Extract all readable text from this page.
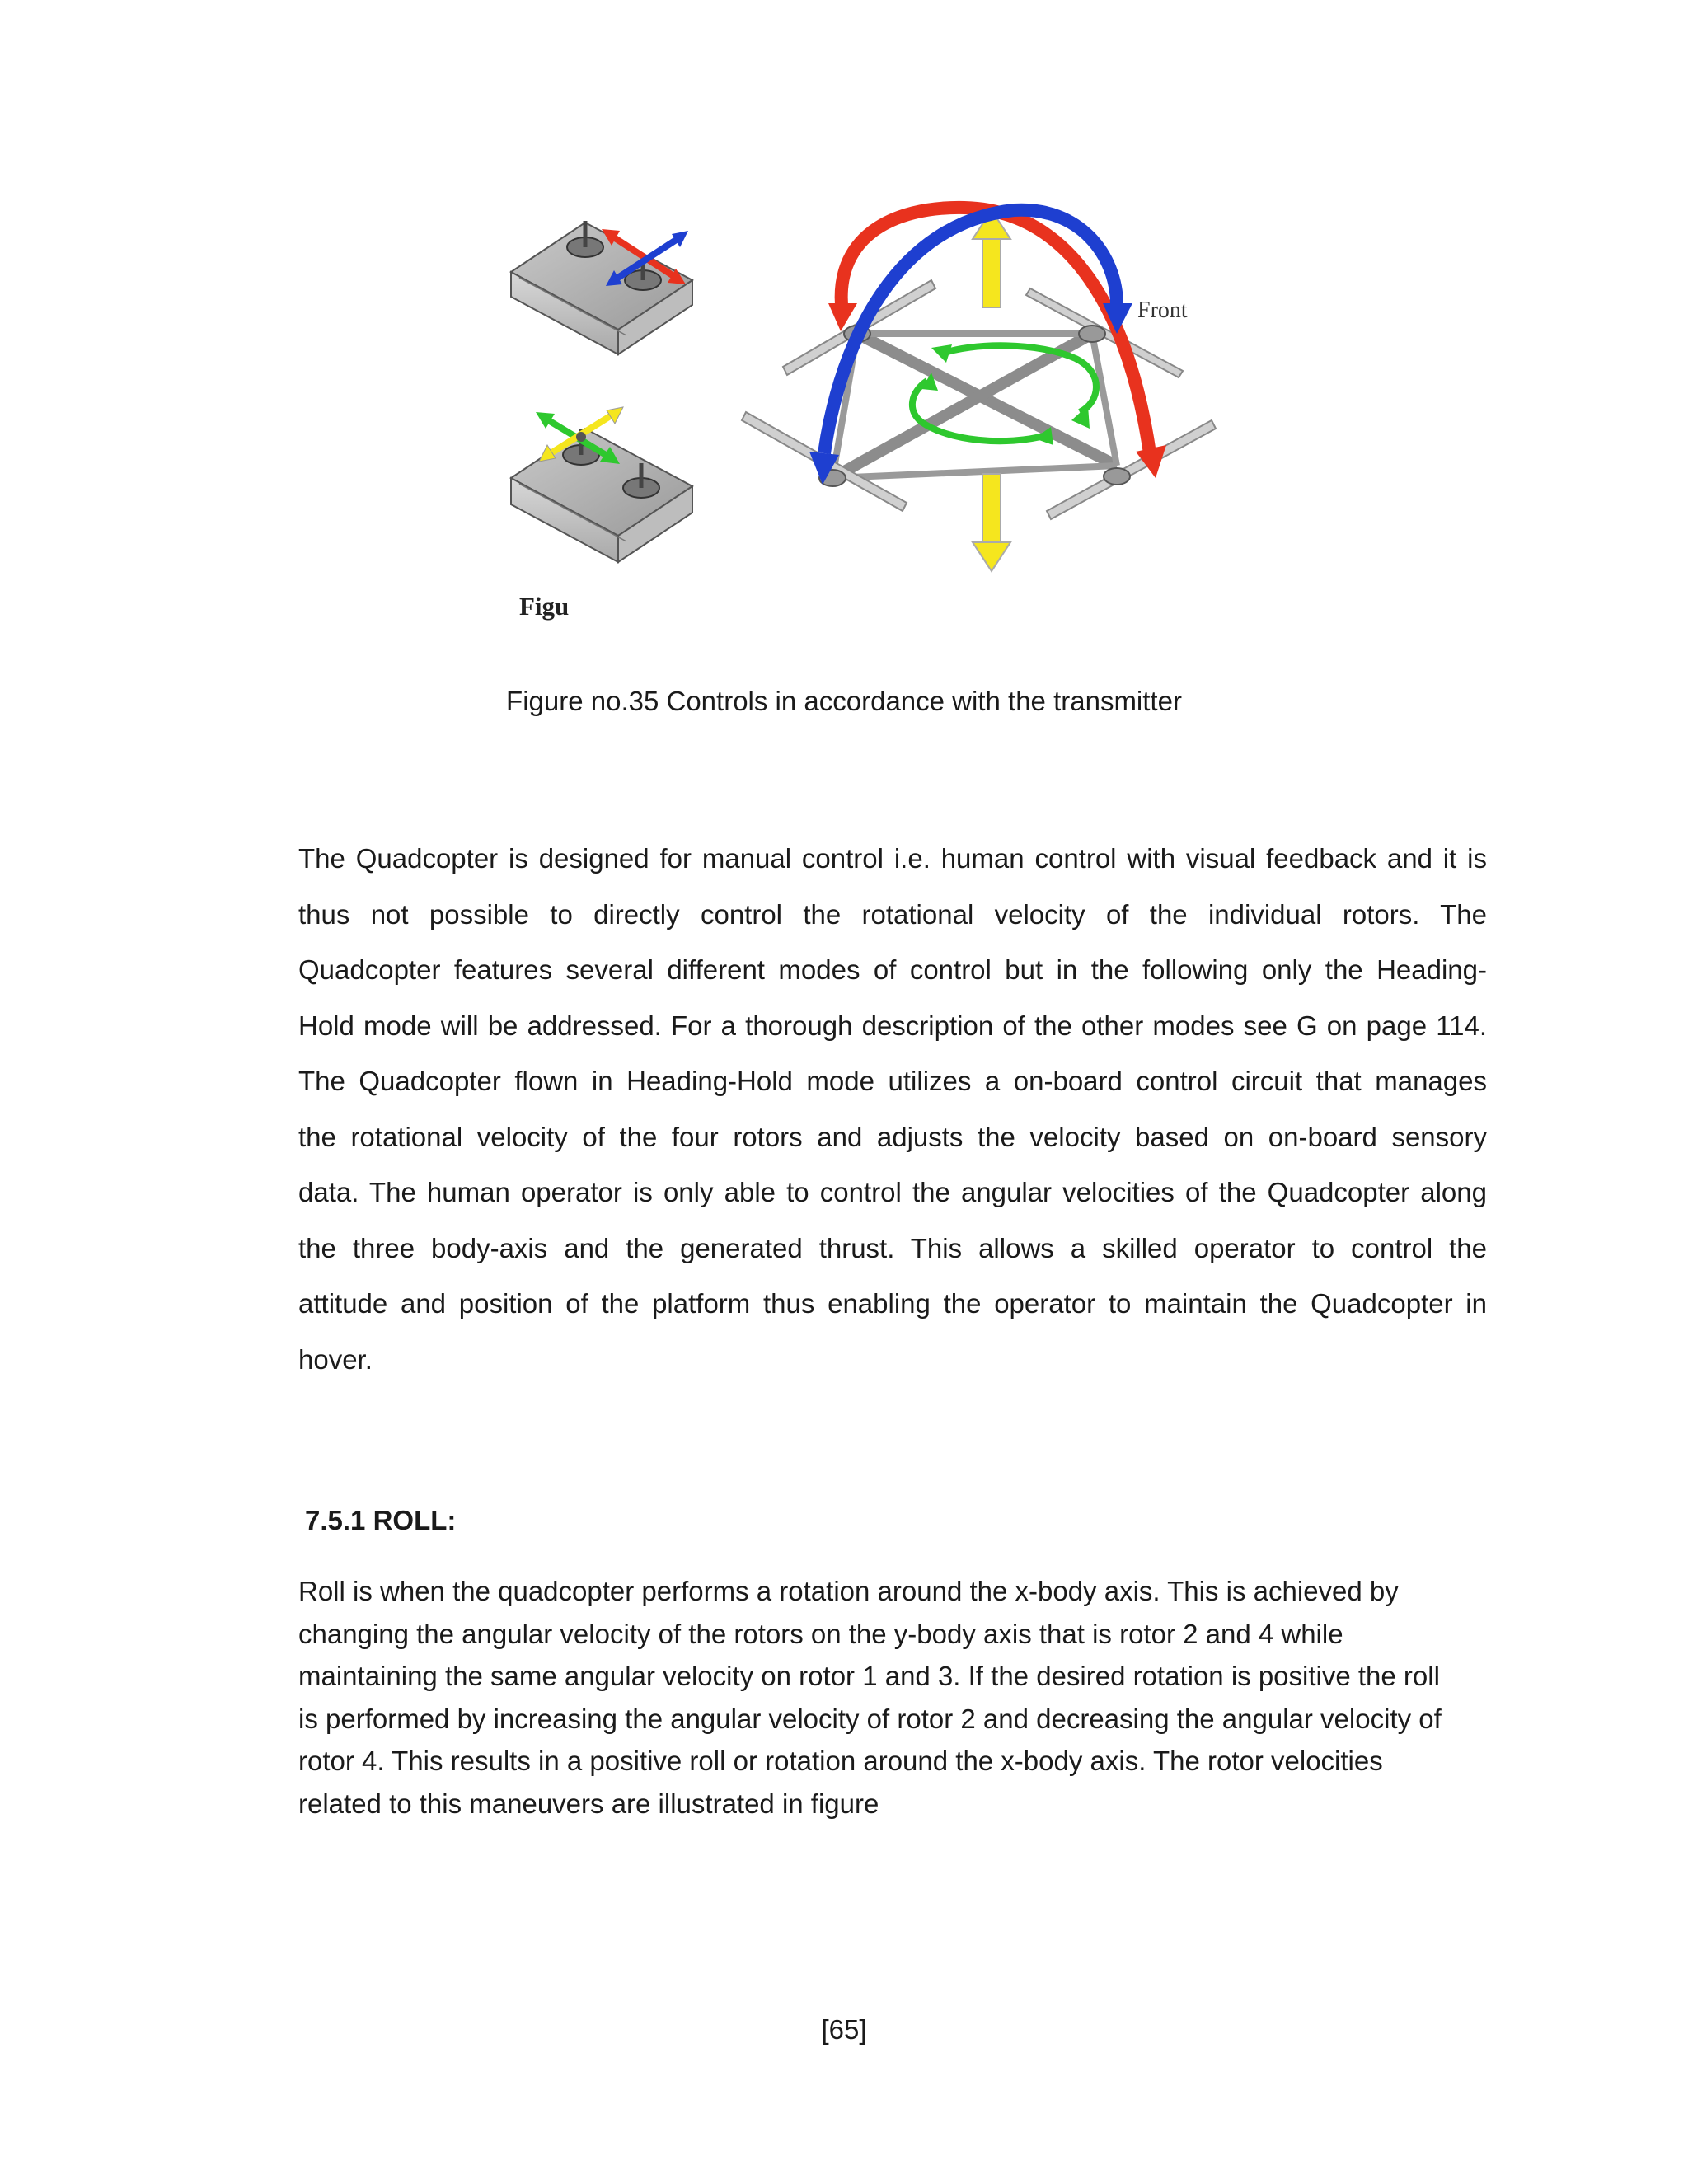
Front
Figu
Figure no.35 Controls in accordance with the transmitter
The Quadcopter is designed for manual control i.e. human control with visual feedback and it is
thus not possible to directly control the rotational velocity of the individual rotors. The
Quadcopter features several different modes of control but in the following only the Heading-
Hold mode will be addressed. For a thorough description of the other modes see G on page 114.
The Quadcopter flown in Heading-Hold mode utilizes a on-board control circuit that manages
the rotational velocity of the four rotors and adjusts the velocity based on on-board sensory
data. The human operator is only able to control the angular velocities of the Quadcopter along
the three body-axis and the generated thrust. This allows a skilled operator to control the
attitude and position of the platform thus enabling the operator to maintain the Quadcopter in
hover.
7.5.1 ROLL:
Roll is when the quadcopter performs a rotation around the x-body axis. This is achieved by
changing the angular velocity of the rotors on the y-body axis that is rotor 2 and 4 while
maintaining the same angular velocity on rotor 1 and 3. If the desired rotation is positive the roll
is performed by increasing the angular velocity of rotor 2 and decreasing the angular velocity of
rotor 4. This results in a positive roll or rotation around the x-body axis. The rotor velocities
related to this maneuvers are illustrated in figure
[65]
